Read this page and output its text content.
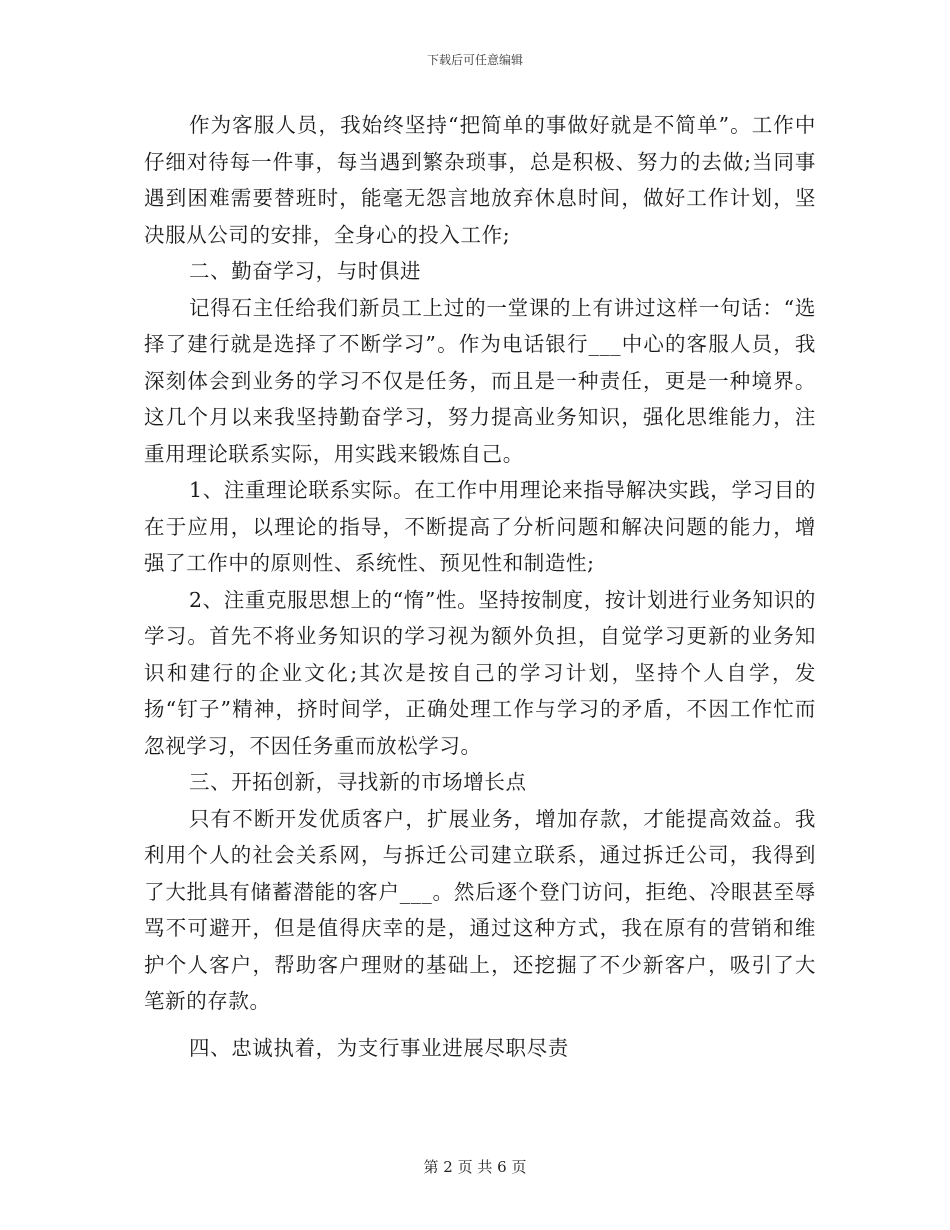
下载后可任意编辑

作为客服人员，我始终坚持“把简单的事做好就是不简单”。工作中仔细对待每一件事，每当遇到繁杂琐事，总是积极、努力的去做;当同事遇到困难需要替班时，能毫无怨言地放弃休息时间，做好工作计划，坚决服从公司的安排，全身心的投入工作;

二、勤奋学习，与时俱进

记得石主任给我们新员工上过的一堂课的上有讲过这样一句话：“选择了建行就是选择了不断学习”。作为电话银行___中心的客服人员，我深刻体会到业务的学习不仅是任务，而且是一种责任，更是一种境界。这几个月以来我坚持勤奋学习，努力提高业务知识，强化思维能力，注重用理论联系实际，用实践来锻炼自己。

1、注重理论联系实际。在工作中用理论来指导解决实践，学习目的在于应用，以理论的指导，不断提高了分析问题和解决问题的能力，增强了工作中的原则性、系统性、预见性和制造性;

2、注重克服思想上的“惰”性。坚持按制度，按计划进行业务知识的学习。首先不将业务知识的学习视为额外负担，自觉学习更新的业务知识和建行的企业文化;其次是按自己的学习计划，坚持个人自学，发扬“钉子”精神，挤时间学，正确处理工作与学习的矛盾，不因工作忙而忽视学习，不因任务重而放松学习。

三、开拓创新，寻找新的市场增长点

只有不断开发优质客户，扩展业务，增加存款，才能提高效益。我利用个人的社会关系网，与拆迁公司建立联系，通过拆迁公司，我得到了大批具有储蓄潜能的客户___。然后逐个登门访问，拒绝、冷眼甚至辱骂不可避开，但是值得庆幸的是，通过这种方式，我在原有的营销和维护个人客户，帮助客户理财的基础上，还挖掘了不少新客户，吸引了大笔新的存款。

四、忠诚执着，为支行事业进展尽职尽责

第 2 页 共 6 页
